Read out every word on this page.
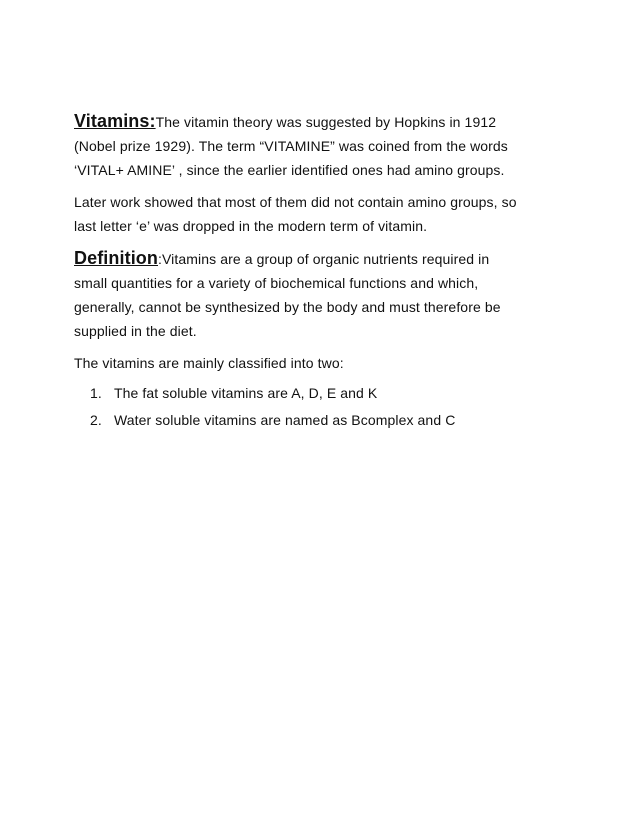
Vitamins:The vitamin theory was suggested by Hopkins in 1912
(Nobel prize 1929). The term “VITAMINE” was coined from the words
‘VITAL+ AMINE’ , since the earlier identified ones had amino groups.

Later work showed that most of them did not contain amino groups, so
last letter ‘e’ was dropped in the modern term of vitamin.

Definition:Vitamins are a group of organic nutrients required in
small quantities for a variety of biochemical functions and which,
generally, cannot be synthesized by the body and must therefore be
supplied in the diet.

The vitamins are mainly classified into two:

1. The fat soluble vitamins are A, D, E and K
2. Water soluble vitamins are named as Bcomplex and C
